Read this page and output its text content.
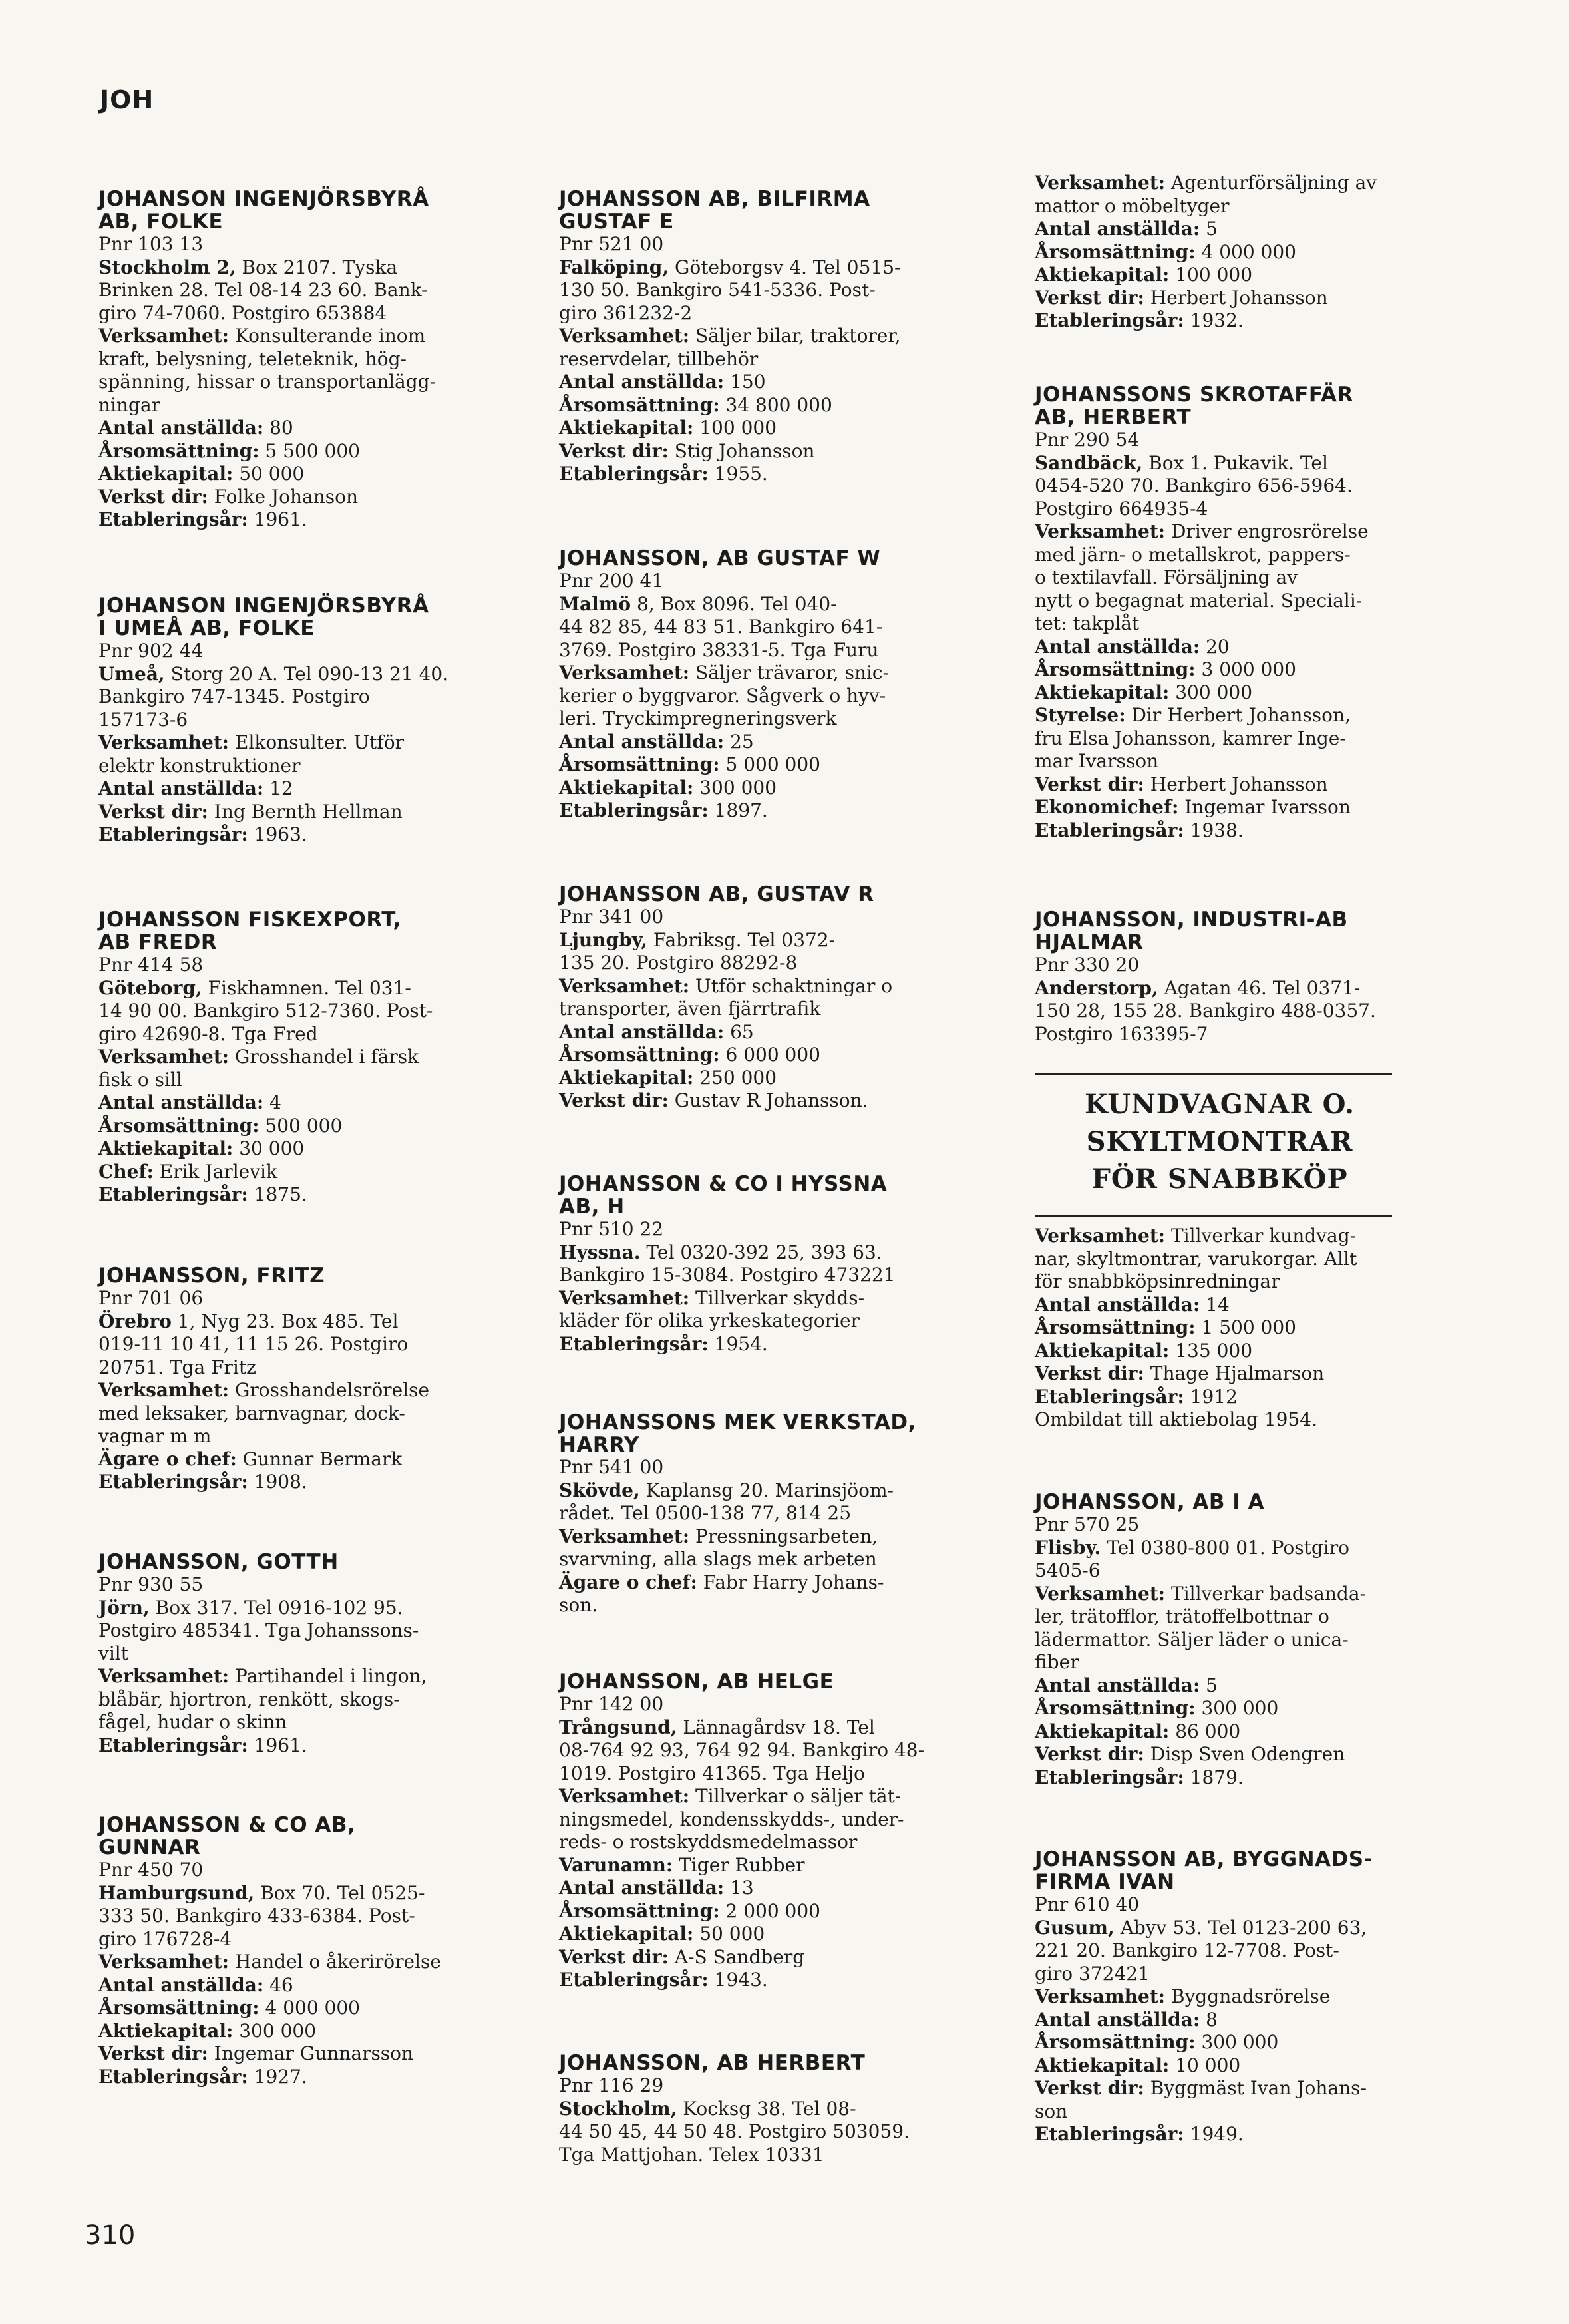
JOH
JOHANSON INGENJÖRSBYRÅ
AB, FOLKE
Pnr 103 13
Stockholm 2, Box 2107. Tyska
Brinken 28. Tel 08-14 23 60. Bank-
giro 74-7060. Postgiro 653884
Verksamhet: Konsulterande inom
kraft, belysning, teleteknik, hög-
spänning, hissar o transportanlägg-
ningar
Antal anställda: 80
Årsomsättning: 5 500 000
Aktiekapital: 50 000
Verkst dir: Folke Johanson
Etableringsår: 1961.
JOHANSON INGENJÖRSBYRÅ
I UMEÅ AB, FOLKE
Pnr 902 44
Umeå, Storg 20 A. Tel 090-13 21 40.
Bankgiro 747-1345. Postgiro
157173-6
Verksamhet: Elkonsulter. Utför
elektr konstruktioner
Antal anställda: 12
Verkst dir: Ing Bernth Hellman
Etableringsår: 1963.
JOHANSSON FISKEXPORT,
AB FREDR
Pnr 414 58
Göteborg, Fiskhamnen. Tel 031-
14 90 00. Bankgiro 512-7360. Post-
giro 42690-8. Tga Fred
Verksamhet: Grosshandel i färsk
fisk o sill
Antal anställda: 4
Årsomsättning: 500 000
Aktiekapital: 30 000
Chef: Erik Jarlevik
Etableringsår: 1875.
JOHANSSON, FRITZ
Pnr 701 06
Örebro 1, Nyg 23. Box 485. Tel
019-11 10 41, 11 15 26. Postgiro
20751. Tga Fritz
Verksamhet: Grosshandelsrörelse
med leksaker, barnvagnar, dock-
vagnar m m
Ägare o chef: Gunnar Bermark
Etableringsår: 1908.
JOHANSSON, GOTTH
Pnr 930 55
Jörn, Box 317. Tel 0916-102 95.
Postgiro 485341. Tga Johanssons-
vilt
Verksamhet: Partihandel i lingon,
blåbär, hjortron, renkött, skogs-
fågel, hudar o skinn
Etableringsår: 1961.
JOHANSSON & CO AB,
GUNNAR
Pnr 450 70
Hamburgsund, Box 70. Tel 0525-
333 50. Bankgiro 433-6384. Post-
giro 176728-4
Verksamhet: Handel o åkerirörelse
Antal anställda: 46
Årsomsättning: 4 000 000
Aktiekapital: 300 000
Verkst dir: Ingemar Gunnarsson
Etableringsår: 1927.
JOHANSSON AB, BILFIRMA
GUSTAF E
Pnr 521 00
Falköping, Göteborgsv 4. Tel 0515-
130 50. Bankgiro 541-5336. Post-
giro 361232-2
Verksamhet: Säljer bilar, traktorer,
reservdelar, tillbehör
Antal anställda: 150
Årsomsättning: 34 800 000
Aktiekapital: 100 000
Verkst dir: Stig Johansson
Etableringsår: 1955.
JOHANSSON, AB GUSTAF W
Pnr 200 41
Malmö 8, Box 8096. Tel 040-
44 82 85, 44 83 51. Bankgiro 641-
3769. Postgiro 38331-5. Tga Furu
Verksamhet: Säljer trävaror, snic-
kerier o byggvaror. Sågverk o hyv-
leri. Tryckimpregneringsverk
Antal anställda: 25
Årsomsättning: 5 000 000
Aktiekapital: 300 000
Etableringsår: 1897.
JOHANSSON AB, GUSTAV R
Pnr 341 00
Ljungby, Fabriksg. Tel 0372-
135 20. Postgiro 88292-8
Verksamhet: Utför schaktningar o
transporter, även fjärrtrafik
Antal anställda: 65
Årsomsättning: 6 000 000
Aktiekapital: 250 000
Verkst dir: Gustav R Johansson.
JOHANSSON & CO I HYSSNA
AB, H
Pnr 510 22
Hyssna. Tel 0320-392 25, 393 63.
Bankgiro 15-3084. Postgiro 473221
Verksamhet: Tillverkar skydds-
kläder för olika yrkeskategorier
Etableringsår: 1954.
JOHANSSONS MEK VERKSTAD,
HARRY
Pnr 541 00
Skövde, Kaplansg 20. Marinsjöom-
rådet. Tel 0500-138 77, 814 25
Verksamhet: Pressningsarbeten,
svarvning, alla slags mek arbeten
Ägare o chef: Fabr Harry Johans-
son.
JOHANSSON, AB HELGE
Pnr 142 00
Trångsund, Lännagårdsv 18. Tel
08-764 92 93, 764 92 94. Bankgiro 48-
1019. Postgiro 41365. Tga Heljo
Verksamhet: Tillverkar o säljer tät-
ningsmedel, kondensskydds-, under-
reds- o rostskyddsmedelmassor
Varunamn: Tiger Rubber
Antal anställda: 13
Årsomsättning: 2 000 000
Aktiekapital: 50 000
Verkst dir: A-S Sandberg
Etableringsår: 1943.
JOHANSSON, AB HERBERT
Pnr 116 29
Stockholm, Kocksg 38. Tel 08-
44 50 45, 44 50 48. Postgiro 503059.
Tga Mattjohan. Telex 10331
Verksamhet: Agenturförsäljning av
mattor o möbeltyger
Antal anställda: 5
Årsomsättning: 4 000 000
Aktiekapital: 100 000
Verkst dir: Herbert Johansson
Etableringsår: 1932.
JOHANSSONS SKROTAFFÄR
AB, HERBERT
Pnr 290 54
Sandbäck, Box 1. Pukavik. Tel
0454-520 70. Bankgiro 656-5964.
Postgiro 664935-4
Verksamhet: Driver engrosrörelse
med järn- o metallskrot, pappers-
o textilavfall. Försäljning av
nytt o begagnat material. Speciali-
tet: takplåt
Antal anställda: 20
Årsomsättning: 3 000 000
Aktiekapital: 300 000
Styrelse: Dir Herbert Johansson,
fru Elsa Johansson, kamrer Inge-
mar Ivarsson
Verkst dir: Herbert Johansson
Ekonomichef: Ingemar Ivarsson
Etableringsår: 1938.
JOHANSSON, INDUSTRI-AB
HJALMAR
Pnr 330 20
Anderstorp, Agatan 46. Tel 0371-
150 28, 155 28. Bankgiro 488-0357.
Postgiro 163395-7
Verksamhet: Tillverkar kundvag-
nar, skyltmontrar, varukorgar. Allt
för snabbköpsinredningar
Antal anställda: 14
Årsomsättning: 1 500 000
Aktiekapital: 135 000
Verkst dir: Thage Hjalmarson
Etableringsår: 1912
Ombildat till aktiebolag 1954.
JOHANSSON, AB I A
Pnr 570 25
Flisby. Tel 0380-800 01. Postgiro
5405-6
Verksamhet: Tillverkar badsanda-
ler, trätofflor, trätoffelbottnar o
lädermattor. Säljer läder o unica-
fiber
Antal anställda: 5
Årsomsättning: 300 000
Aktiekapital: 86 000
Verkst dir: Disp Sven Odengren
Etableringsår: 1879.
JOHANSSON AB, BYGGNADS-
FIRMA IVAN
Pnr 610 40
Gusum, Abyv 53. Tel 0123-200 63,
221 20. Bankgiro 12-7708. Post-
giro 372421
Verksamhet: Byggnadsrörelse
Antal anställda: 8
Årsomsättning: 300 000
Aktiekapital: 10 000
Verkst dir: Byggmäst Ivan Johans-
son
Etableringsår: 1949.
KUNDVAGNAR O.
SKYLTMONTRAR
FÖR SNABBKÖP
310
